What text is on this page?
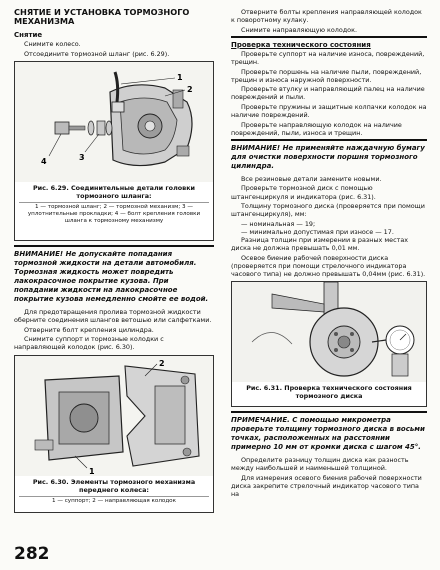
СНЯТИЕ И УСТАНОВКА ТОРМОЗНОГО МЕХАНИЗМА
Снятие

Снимите колесо.

Отсоедините тормозной шланг (рис. 6.29).

1
2
3
4
Рис. 6.29. Соединительные детали головки тормозного шланга:
1 — тормозной шланг; 2 — тормозной механизм; 3 — уплотнительные прокладки; 4 — болт крепления головки шланга к тормозному механизму
ВНИМАНИЕ! Не допускайте попадания тормозной жидкости на детали автомобиля. Тормозная жидкость может повредить лакокрасочное покрытие кузова. При попадании жидкости на лакокрасочное покрытие кузова немедленно смойте ее водой.

Для предотвращения пролива тормозной жидкости оберните соединения шлангов ветошью или салфетками.

Отверните болт крепления цилиндра.

Снимите суппорт и тормозные колодки с направляющей колодок (рис. 6.30).

1
2
Рис. 6.30. Элементы тормозного механизма переднего колеса:
1 — суппорт; 2 — направляющая колодок

Отверните болты крепления направляющей колодок к поворотному кулаку.

Снимите направляющую колодок.

Проверка технического состояния

Проверьте суппорт на наличие износа, повреждений, трещин.

Проверьте поршень на наличие пыли, повреждений, трещин и износа наружной поверхности.

Проверьте втулку и направляющий палец на наличие повреждений и пыли.

Проверьте пружины и защитные колпачки колодок на наличие повреждений.

Проверьте направляющую колодок на наличие повреждений, пыли, износа и трещин.

ВНИМАНИЕ! Не применяйте наждачную бумагу для очистки поверхности поршня тормозного цилиндра.

Все резиновые детали замените новыми.

Проверьте тормозной диск с помощью штангенциркуля и индикатора (рис. 6.31).

Толщину тормозного диска (проверяется при помощи штангенциркуля), мм:

— номинальная — 19;

— минимально допустимая при износе — 17.

Разница толщин при измерении в разных местах диска не должна превышать 0,01 мм.

Осевое биение рабочей поверхности диска (проверяется при помощи стрелочного индикатора часового типа) не должно превышать 0,04мм (рис. 6.31).

Рис. 6.31. Проверка технического состояния тормозного диска
ПРИМЕЧАНИЕ. С помощью микрометра проверьте толщину тормозного диска в восьми точках, расположенных на расстоянии примерно 10 мм от кромки диска с шагом 45°.

Определите разницу толщин диска как разность между наибольшей и наименьшей толщиной.

Для измерения осевого биения рабочей поверхности диска закрепите стрелочный индикатор часового типа на

282
